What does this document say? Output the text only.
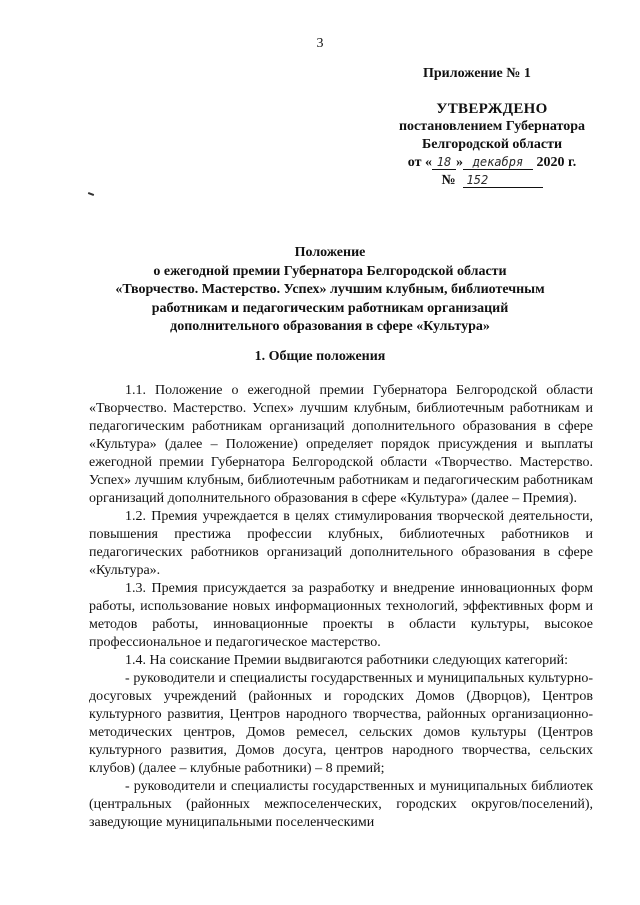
3
Приложение № 1
УТВЕРЖДЕНО
постановлением Губернатора
Белгородской области
от « 18 » декабря 2020 г.
№ 152
Положение
о ежегодной премии Губернатора Белгородской области
«Творчество. Мастерство. Успех» лучшим клубным, библиотечным
работникам и педагогическим работникам организаций
дополнительного образования в сфере «Культура»
1. Общие положения

1.1. Положение о ежегодной премии Губернатора Белгородской области «Творчество. Мастерство. Успех» лучшим клубным, библиотечным работникам и педагогическим работникам организаций дополнительного образования в сфере «Культура» (далее – Положение) определяет порядок присуждения и выплаты ежегодной премии Губернатора Белгородской области «Творчество. Мастерство. Успех» лучшим клубным, библиотечным работникам и педагогическим работникам организаций дополнительного образования в сфере «Культура» (далее – Премия).

1.2. Премия учреждается в целях стимулирования творческой деятельности, повышения престижа профессии клубных, библиотечных работников и педагогических работников организаций дополнительного образования в сфере «Культура».

1.3. Премия присуждается за разработку и внедрение инновационных форм работы, использование новых информационных технологий, эффективных форм и методов работы, инновационные проекты в области культуры, высокое профессиональное и педагогическое мастерство.

1.4. На соискание Премии выдвигаются работники следующих категорий:

- руководители и специалисты государственных и муниципальных культурно-досуговых учреждений (районных и городских Домов (Дворцов), Центров культурного развития, Центров народного творчества, районных организационно-методических центров, Домов ремесел, сельских домов культуры (Центров культурного развития, Домов досуга, центров народного творчества, сельских клубов) (далее – клубные работники) – 8 премий;

- руководители и специалисты государственных и муниципальных библиотек (центральных (районных межпоселенческих, городских округов/поселений), заведующие муниципальными поселенческими
